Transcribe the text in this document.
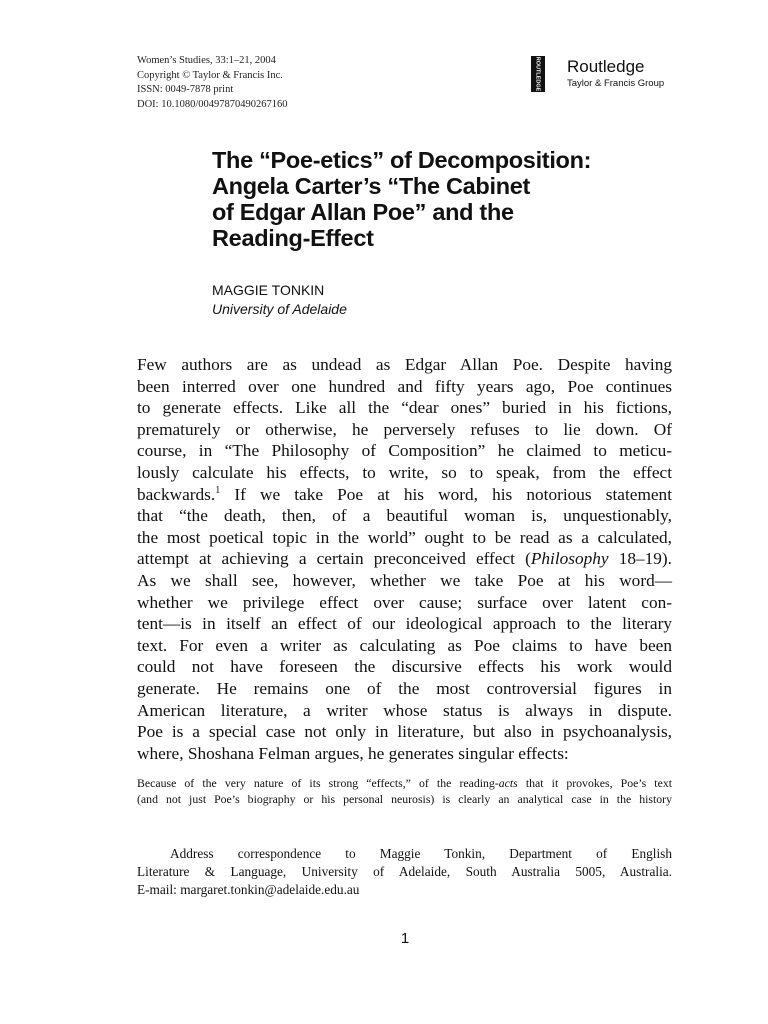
Women’s Studies, 33:1–21, 2004
Copyright © Taylor & Francis Inc.
ISSN: 0049-7878 print
DOI: 10.1080/00497870490267160
ROUTLEDGE Routledge
Taylor & Francis Group
The “Poe-etics” of Decomposition:
Angela Carter’s “The Cabinet
of Edgar Allan Poe” and the
Reading-Effect
MAGGIE TONKIN
University of Adelaide
Few authors are as undead as Edgar Allan Poe. Despite having
been interred over one hundred and fifty years ago, Poe continues
to generate effects. Like all the “dear ones” buried in his fictions,
prematurely or otherwise, he perversely refuses to lie down. Of
course, in “The Philosophy of Composition” he claimed to meticu-
lously calculate his effects, to write, so to speak, from the effect
backwards.$^1$ If we take Poe at his word, his notorious statement
that “the death, then, of a beautiful woman is, unquestionably,
the most poetical topic in the world” ought to be read as a calculated,
attempt at achieving a certain preconceived effect (Philosophy 18–19).
As we shall see, however, whether we take Poe at his word—
whether we privilege effect over cause; surface over latent con-
tent—is in itself an effect of our ideological approach to the literary
text. For even a writer as calculating as Poe claims to have been
could not have foreseen the discursive effects his work would
generate. He remains one of the most controversial figures in
American literature, a writer whose status is always in dispute.
Poe is a special case not only in literature, but also in psychoanalysis,
where, Shoshana Felman argues, he generates singular effects:
Because of the very nature of its strong “effects,” of the reading-acts that it provokes, Poe’s text
(and not just Poe’s biography or his personal neurosis) is clearly an analytical case in the history
Address correspondence to Maggie Tonkin, Department of English
Literature & Language, University of Adelaide, South Australia 5005, Australia.
E-mail: margaret.tonkin@adelaide.edu.au
1
